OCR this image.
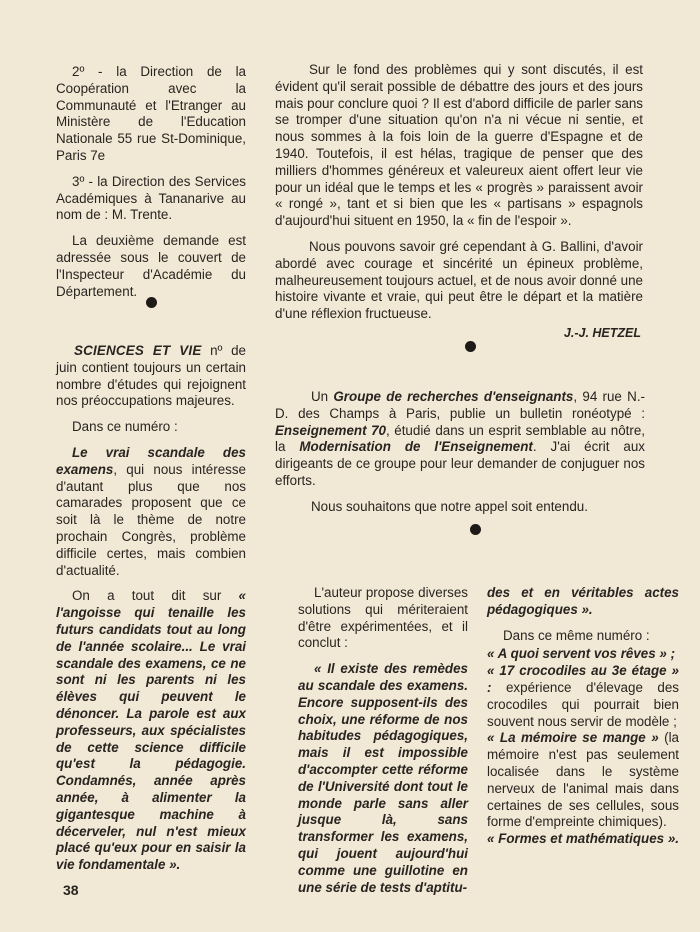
2º - la Direction de la Coopération avec la Communauté et l'Etranger au Ministère de l'Education Nationale 55 rue St-Dominique, Paris 7e

3º - la Direction des Services Académiques à Tananarive au nom de : M. Trente.

La deuxième demande est adressée sous le couvert de l'Inspecteur d'Académie du Département.

SCIENCES ET VIE nº de juin contient toujours un certain nombre d'études qui rejoignent nos préoccupations majeures.

Dans ce numéro :

Le vrai scandale des examens, qui nous intéresse d'autant plus que nos camarades proposent que ce soit là le thème de notre prochain Congrès, problème difficile certes, mais combien d'actualité.

On a tout dit sur « l'angoisse qui tenaille les futurs candidats tout au long de l'année scolaire... Le vrai scandale des examens, ce ne sont ni les parents ni les élèves qui peuvent le dénoncer. La parole est aux professeurs, aux spécialistes de cette science difficile qu'est la pédagogie. Condamnés, année après année, à alimenter la gigantesque machine à décerveler, nul n'est mieux placé qu'eux pour en saisir la vie fondamentale ».

Sur le fond des problèmes qui y sont discutés, il est évident qu'il serait possible de débattre des jours et des jours mais pour conclure quoi ? Il est d'abord difficile de parler sans se tromper d'une situation qu'on n'a ni vécue ni sentie, et nous sommes à la fois loin de la guerre d'Espagne et de 1940. Toutefois, il est hélas, tragique de penser que des milliers d'hommes généreux et valeureux aient offert leur vie pour un idéal que le temps et les « progrès » paraissent avoir « rongé », tant et si bien que les « partisans » espagnols d'aujourd'hui situent en 1950, la « fin de l'espoir ».

Nous pouvons savoir gré cependant à G. Ballini, d'avoir abordé avec courage et sincérité un épineux problème, malheureusement toujours actuel, et de nous avoir donné une histoire vivante et vraie, qui peut être le départ et la matière d'une réflexion fructueuse.

J.-J. HETZEL

Un Groupe de recherches d'enseignants, 94 rue N.-D. des Champs à Paris, publie un bulletin ronéotypé : Enseignement 70, étudié dans un esprit semblable au nôtre, la Modernisation de l'Enseignement. J'ai écrit aux dirigeants de ce groupe pour leur demander de conjuguer nos efforts.

Nous souhaitons que notre appel soit entendu.

L'auteur propose diverses solutions qui mériteraient d'être expérimentées, et il conclut :

« Il existe des remèdes au scandale des examens. Encore supposent-ils des choix, une réforme de nos habitudes pédagogiques, mais il est impossible d'accompter cette réforme de l'Université dont tout le monde parle sans aller jusque là, sans transformer les examens, qui jouent aujourd'hui comme une guillotine en une série de tests d'aptitu-

des et en véritables actes pédagogiques ».

Dans ce même numéro :

« A quoi servent vos rêves » ;
« 17 crocodiles au 3e étage » : expérience d'élevage des crocodiles qui pourrait bien souvent nous servir de modèle ;
« La mémoire se mange » (la mémoire n'est pas seulement localisée dans le système nerveux de l'animal mais dans certaines de ses cellules, sous forme d'empreinte chimiques).
« Formes et mathématiques ».
38
